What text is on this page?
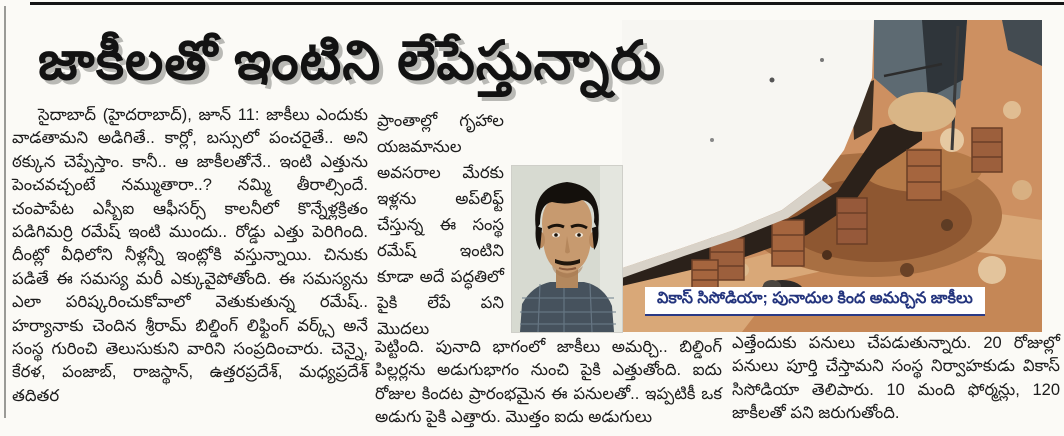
జాకీలతో ఇంటిని లేపేస్తున్నారు
వికాస్ సిసోడియా; పునాదుల కింద అమర్చిన జాకీలు
సైదాబాద్ (హైదరాబాద్), జూన్ 11: జాకీలు ఎందుకు వాడతామని అడిగితే.. కార్లో, బస్సులో పంచరైతే.. అని ఠక్కున చెప్పేస్తాం. కానీ.. ఆ జాకీలతోనే.. ఇంటి ఎత్తును పెంచవచ్చంటే నమ్ముతారా..? నమ్మి తీరాల్సిందే. చంపాపేట ఎస్బీఐ ఆఫీసర్స్ కాలనీలో కొన్నేళ్లక్రితం పడిగిమర్రి రమేష్ ఇంటి ముందు.. రోడ్డు ఎత్తు పెరిగింది. దీంట్లో వీధిలోని నీళ్లన్నీ ఇంట్లోకి వస్తున్నాయి. చినుకు పడితే ఈ సమస్య మరీ ఎక్కువైపోతోంది. ఈ సమస్యను ఎలా పరిష్కరించుకోవాలో వెతుకుతున్న రమేష్.. హర్యానాకు చెందిన శ్రీరామ్ బిల్డింగ్ లిఫ్టింగ్ వర్క్స్ అనే సంస్థ గురించి తెలుసుకుని వారిని సంప్రదించారు. చెన్నై, కేరళ, పంజాబ్, రాజస్థాన్, ఉత్తరప్రదేశ్, మధ్యప్రదేశ్ తదితర
ప్రాంతాల్లో గృహాల యజమానుల అవసరాల మేరకు ఇళ్లను అప్‌లిఫ్ట్ చేస్తున్న ఈ సంస్థ రమేష్ ఇంటిని కూడా అదే పద్ధతిలో పైకి లేపే పని మొదలు
పెట్టింది. పునాది భాగంలో జాకీలు అమర్చి.. బిల్డింగ్ పిల్లర్లను అడుగుభాగం నుంచి పైకి ఎత్తుతోంది. ఐదు రోజుల కిందట ప్రారంభమైన ఈ పనులతో.. ఇప్పటికీ ఒక అడుగు పైకి ఎత్తారు. మొత్తం ఐదు అడుగులు
ఎత్తేందుకు పనులు చేపడుతున్నారు. 20 రోజుల్లో పనులు పూర్తి చేస్తామని సంస్థ నిర్వాహకుడు వికాస్ సిసోడియా తెలిపారు. 10 మంది ఫోర్మన్లు, 120 జాకీలతో పని జరుగుతోంది.
